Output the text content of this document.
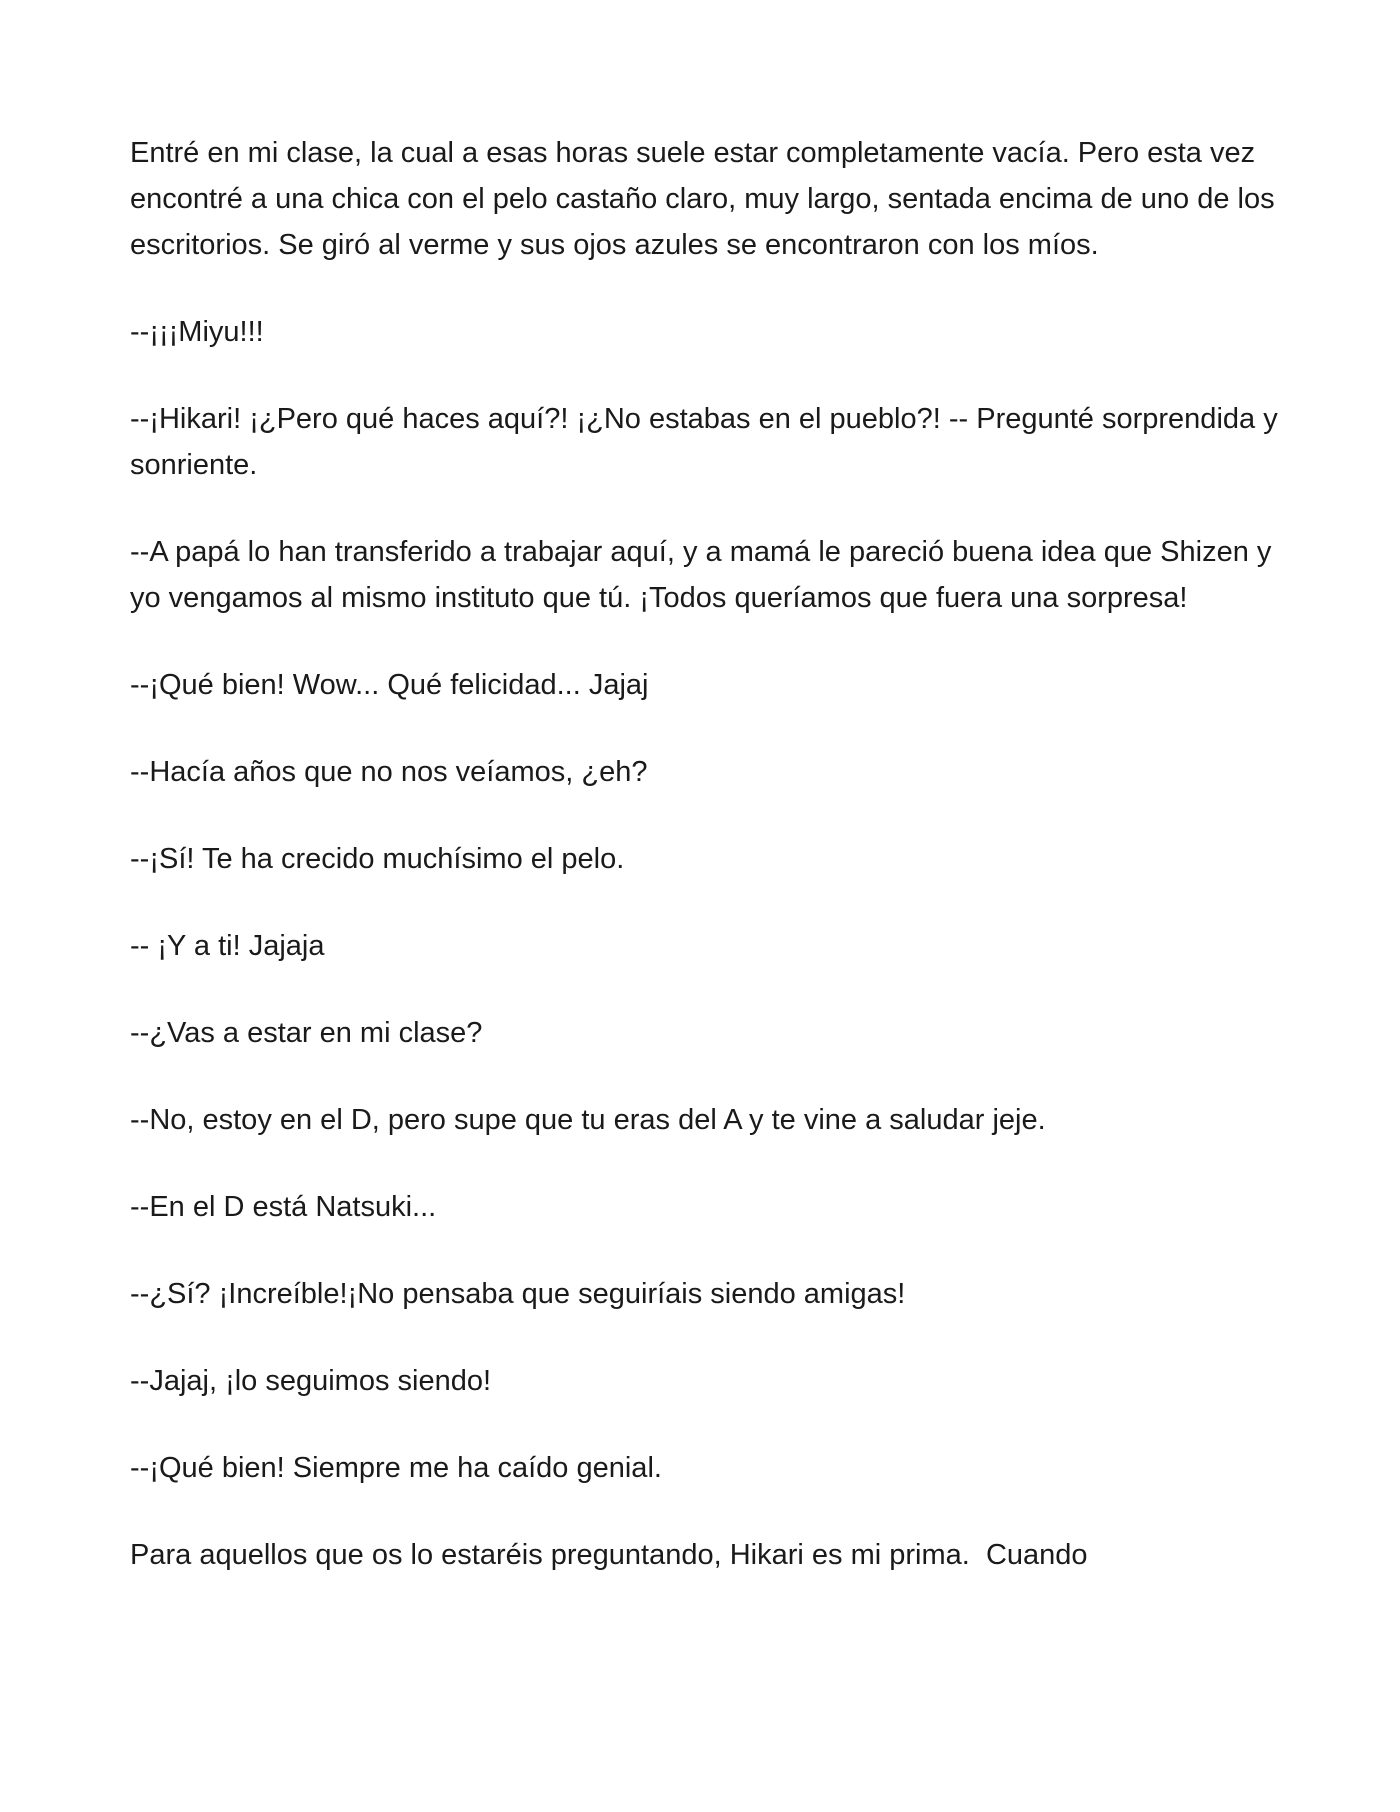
Entré en mi clase, la cual a esas horas suele estar completamente vacía. Pero esta vez encontré a una chica con el pelo castaño claro, muy largo, sentada encima de uno de los escritorios. Se giró al verme y sus ojos azules se encontraron con los míos.

--¡¡¡Miyu!!!

--¡Hikari! ¡¿Pero qué haces aquí?! ¡¿No estabas en el pueblo?! -- Pregunté sorprendida y sonriente.

--A papá lo han transferido a trabajar aquí, y a mamá le pareció buena idea que Shizen y yo vengamos al mismo instituto que tú. ¡Todos queríamos que fuera una sorpresa!

--¡Qué bien! Wow... Qué felicidad... Jajaj

--Hacía años que no nos veíamos, ¿eh?

--¡Sí! Te ha crecido muchísimo el pelo.

-- ¡Y a ti! Jajaja

--¿Vas a estar en mi clase?

--No, estoy en el D, pero supe que tu eras del A y te vine a saludar jeje.

--En el D está Natsuki...

--¿Sí? ¡Increíble!¡No pensaba que seguiríais siendo amigas!

--Jajaj, ¡lo seguimos siendo!

--¡Qué bien! Siempre me ha caído genial.

Para aquellos que os lo estaréis preguntando, Hikari es mi prima.  Cuando
